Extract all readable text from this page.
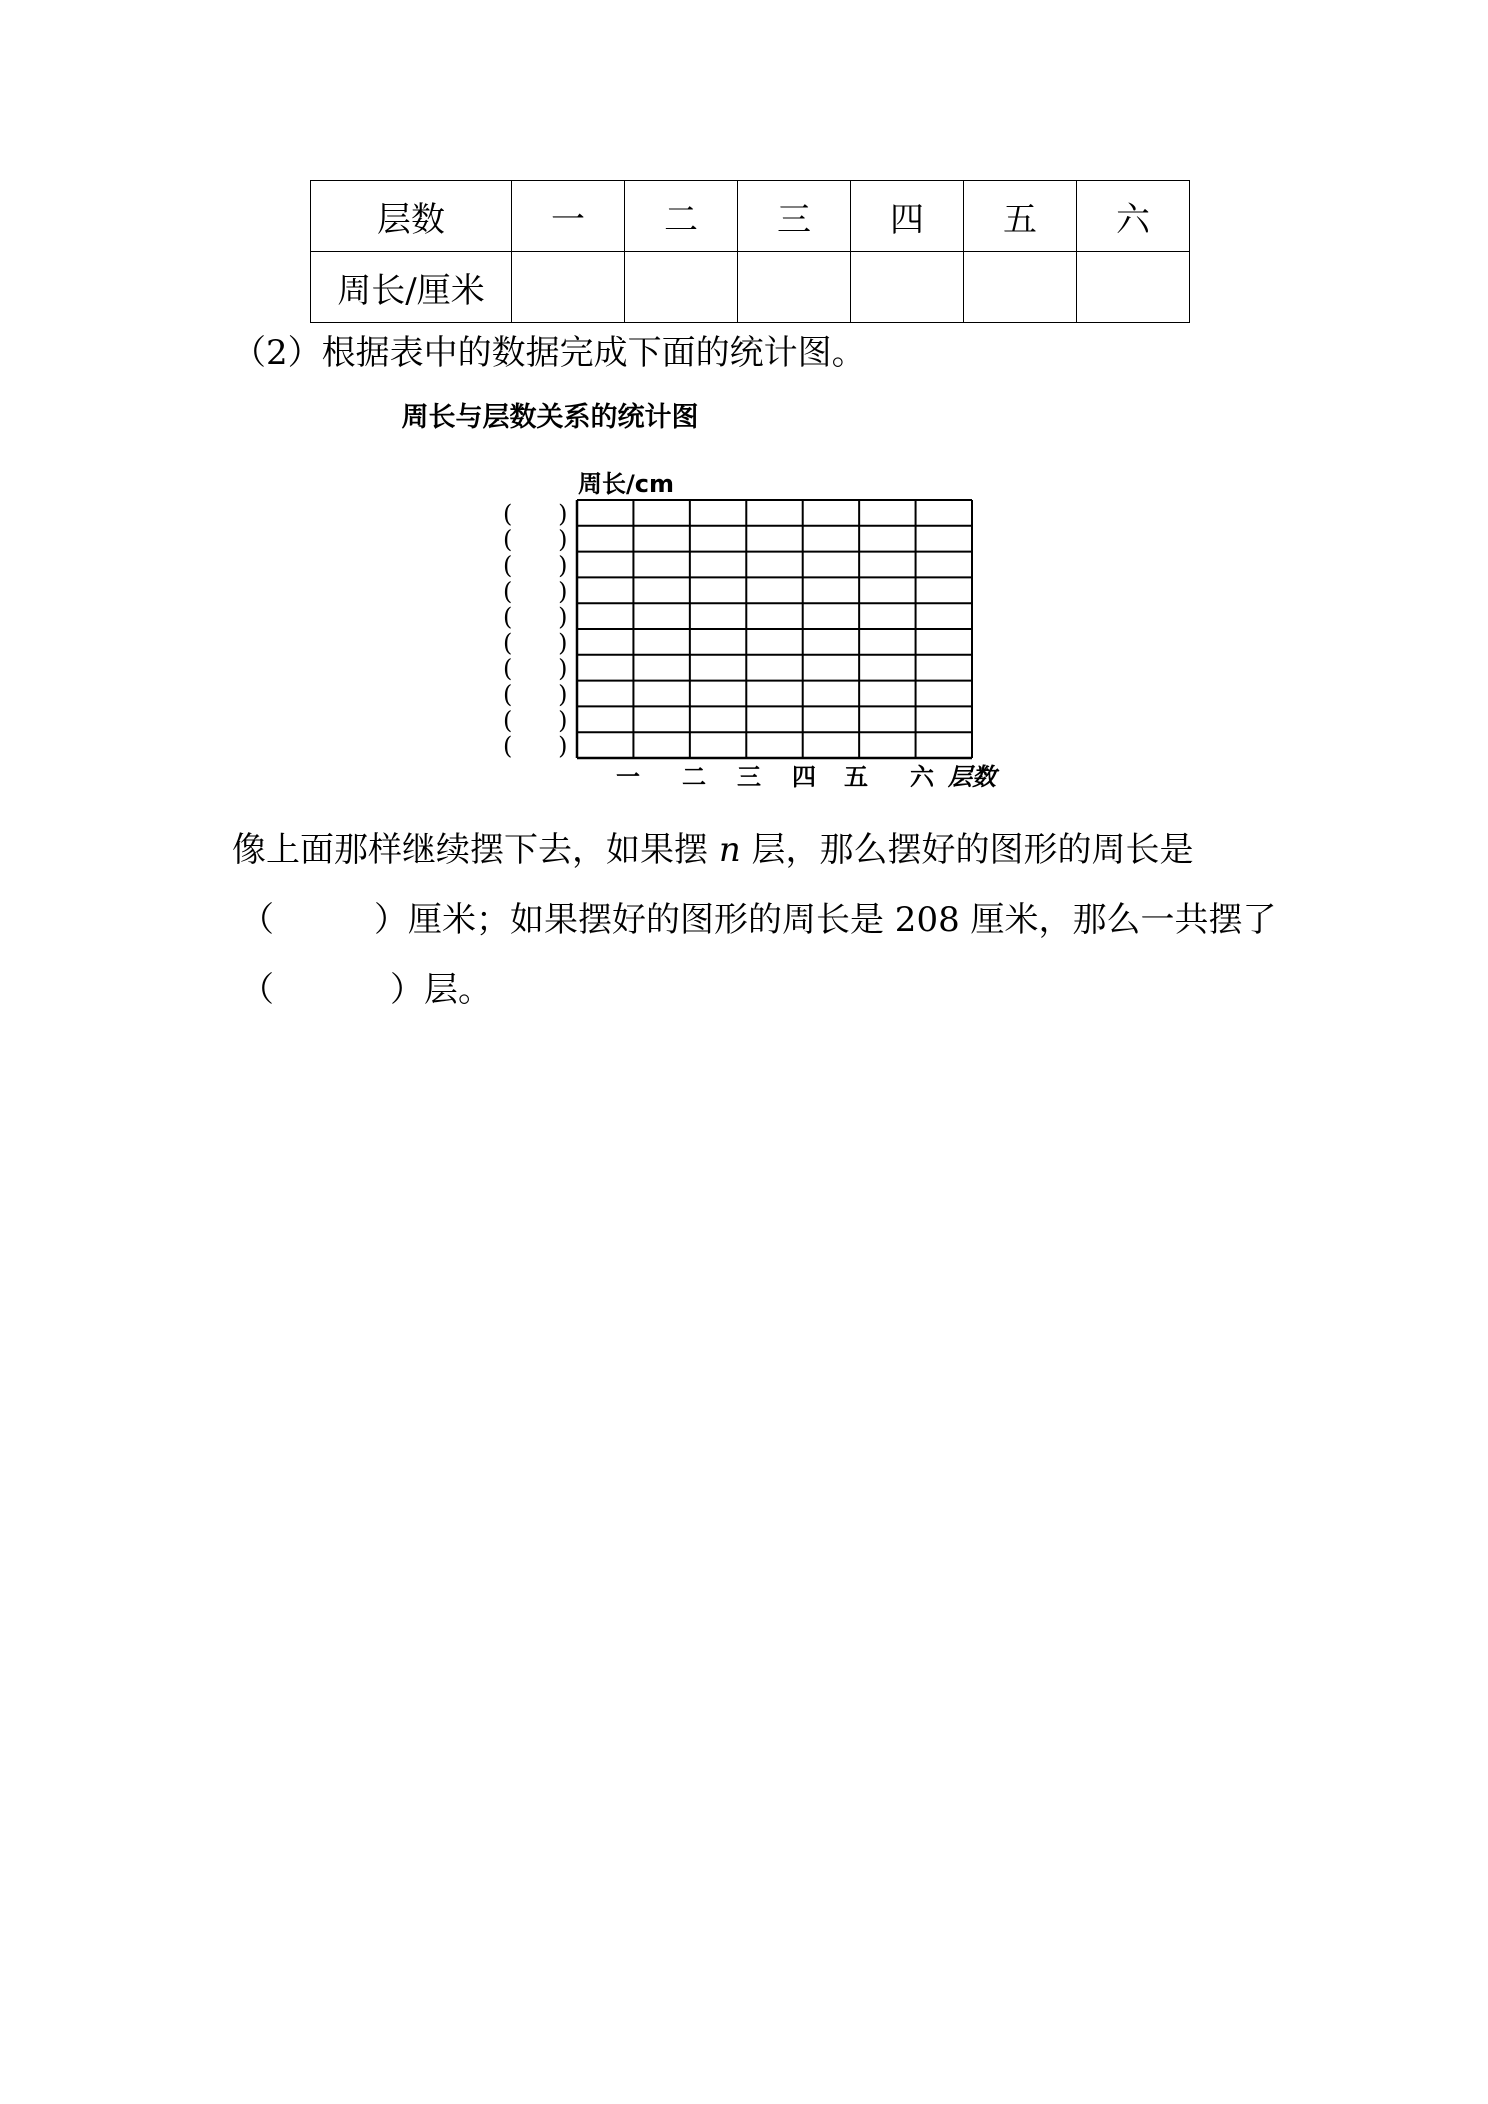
层数	一	二	三	四	五	六
周长/厘米						
（2）根据表中的数据完成下面的统计图。
周长与层数关系的统计图
周长/cm
(      )
(      )
(      )
(      )
(      )
(      )
(      )
(      )
(      )
(      )
一 二 三 四 五 六 层数
像上面那样继续摆下去，如果摆 n 层，那么摆好的图形的周长是
（	）厘米；如果摆好的图形的周长是 208 厘米，那么一共摆了
（	）层。
